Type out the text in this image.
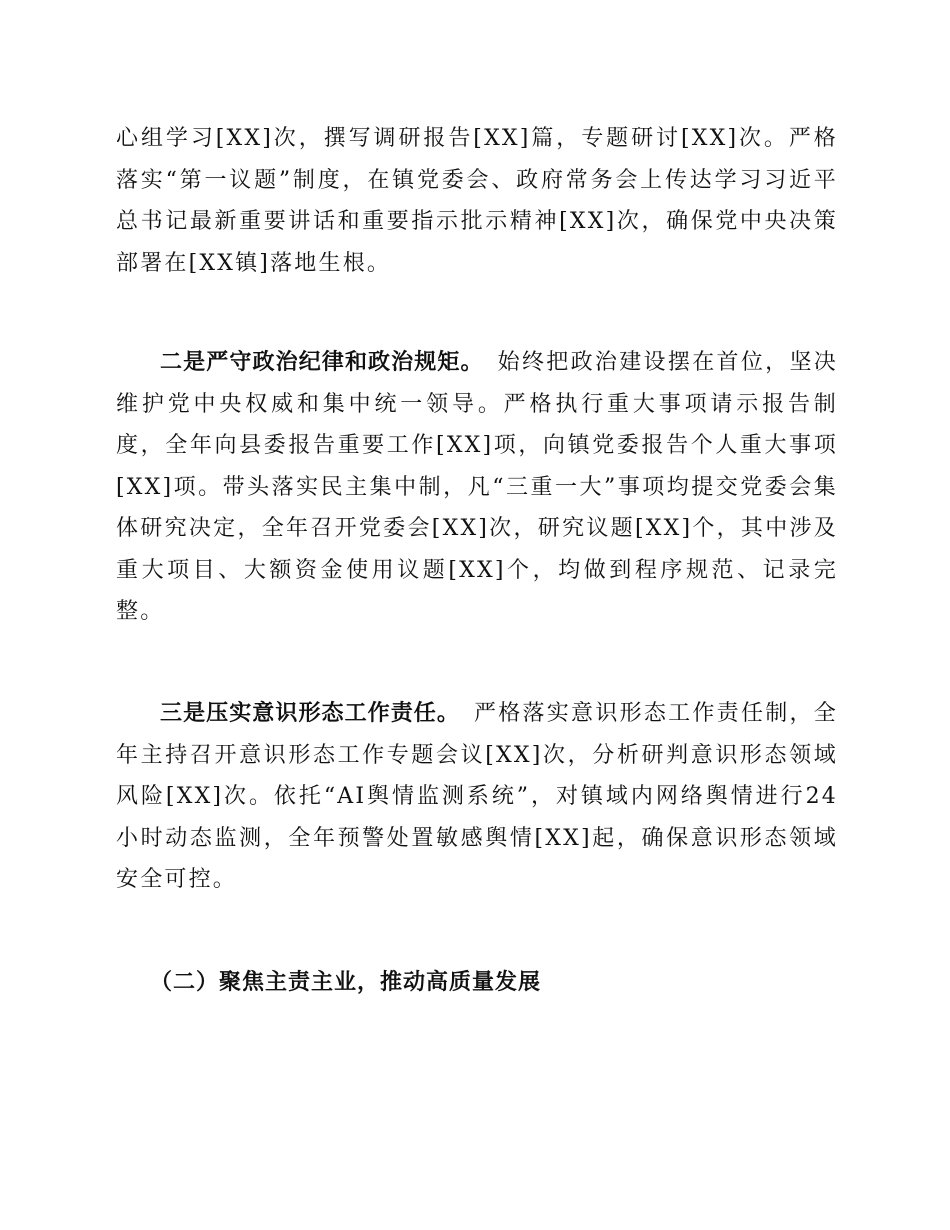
心组学习[XX]次，撰写调研报告[XX]篇，专题研讨[XX]次。严格落实“第一议题”制度，在镇党委会、政府常务会上传达学习习近平总书记最新重要讲话和重要指示批示精神[XX]次，确保党中央决策部署在[XX镇]落地生根。

二是严守政治纪律和政治规矩。 始终把政治建设摆在首位，坚决维护党中央权威和集中统一领导。严格执行重大事项请示报告制度，全年向县委报告重要工作[XX]项，向镇党委报告个人重大事项[XX]项。带头落实民主集中制，凡“三重一大”事项均提交党委会集体研究决定，全年召开党委会[XX]次，研究议题[XX]个，其中涉及重大项目、大额资金使用议题[XX]个，均做到程序规范、记录完整。

三是压实意识形态工作责任。 严格落实意识形态工作责任制，全年主持召开意识形态工作专题会议[XX]次，分析研判意识形态领域风险[XX]次。依托“AI舆情监测系统”，对镇域内网络舆情进行24小时动态监测，全年预警处置敏感舆情[XX]起，确保意识形态领域安全可控。

（二）聚焦主责主业，推动高质量发展
